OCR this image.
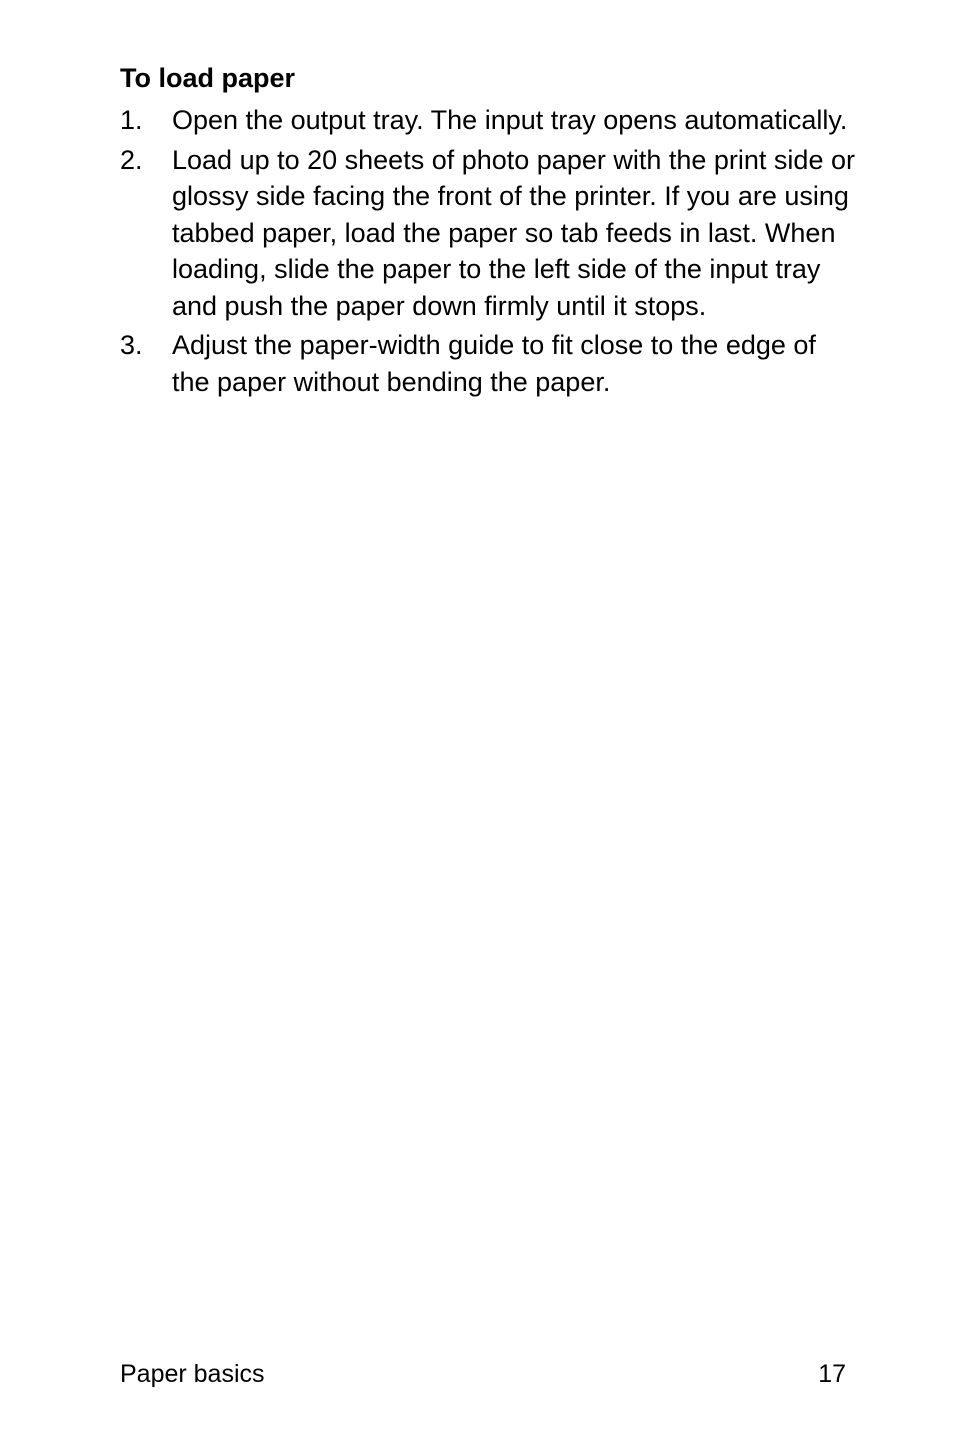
To load paper
1.	Open the output tray. The input tray opens automatically.
2.	Load up to 20 sheets of photo paper with the print side or glossy side facing the front of the printer. If you are using tabbed paper, load the paper so tab feeds in last. When loading, slide the paper to the left side of the input tray and push the paper down firmly until it stops.
3.	Adjust the paper-width guide to fit close to the edge of the paper without bending the paper.
Paper basics	17
